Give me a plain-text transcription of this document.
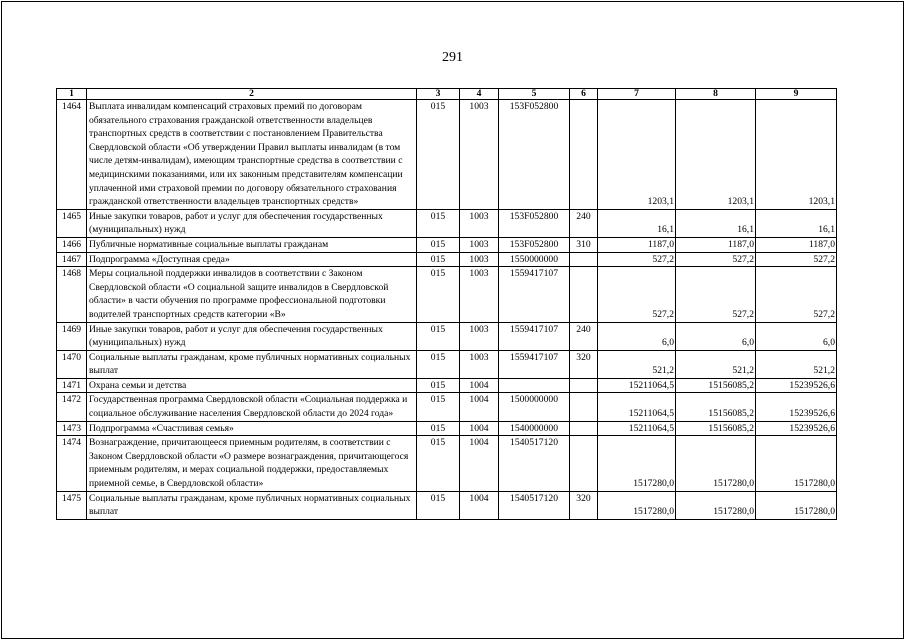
291
1	2	3	4	5	6	7	8	9
1464	Выплата инвалидам компенсаций страховых премий по договорам обязательного страхования гражданской ответственности владельцев транспортных средств в соответствии с постановлением Правительства Свердловской области «Об утверждении Правил выплаты инвалидам (в том числе детям-инвалидам), имеющим транспортные средства в соответствии с медицинскими показаниями, или их законным представителям компенсации уплаченной ими страховой премии по договору обязательного страхования гражданской ответственности владельцев транспортных средств»	015	1003	153F052800		1203,1	1203,1	1203,1
1465	Иные закупки товаров, работ и услуг для обеспечения государственных (муниципальных) нужд	015	1003	153F052800	240	16,1	16,1	16,1
1466	Публичные нормативные социальные выплаты гражданам	015	1003	153F052800	310	1187,0	1187,0	1187,0
1467	Подпрограмма «Доступная среда»	015	1003	1550000000		527,2	527,2	527,2
1468	Меры социальной поддержки инвалидов в соответствии с Законом Свердловской области «О социальной защите инвалидов в Свердловской области» в части обучения по программе профессиональной подготовки водителей транспортных средств категории «В»	015	1003	1559417107		527,2	527,2	527,2
1469	Иные закупки товаров, работ и услуг для обеспечения государственных (муниципальных) нужд	015	1003	1559417107	240	6,0	6,0	6,0
1470	Социальные выплаты гражданам, кроме публичных нормативных социальных выплат	015	1003	1559417107	320	521,2	521,2	521,2
1471	Охрана семьи и детства	015	1004			15211064,5	15156085,2	15239526,6
1472	Государственная программа Свердловской области «Социальная поддержка и социальное обслуживание населения Свердловской области до 2024 года»	015	1004	1500000000		15211064,5	15156085,2	15239526,6
1473	Подпрограмма «Счастливая семья»	015	1004	1540000000		15211064,5	15156085,2	15239526,6
1474	Вознаграждение, причитающееся приемным родителям, в соответствии с Законом Свердловской области «О размере вознаграждения, причитающегося приемным родителям, и мерах социальной поддержки, предоставляемых приемной семье, в Свердловской области»	015	1004	1540517120		1517280,0	1517280,0	1517280,0
1475	Социальные выплаты гражданам, кроме публичных нормативных социальных выплат	015	1004	1540517120	320	1517280,0	1517280,0	1517280,0
